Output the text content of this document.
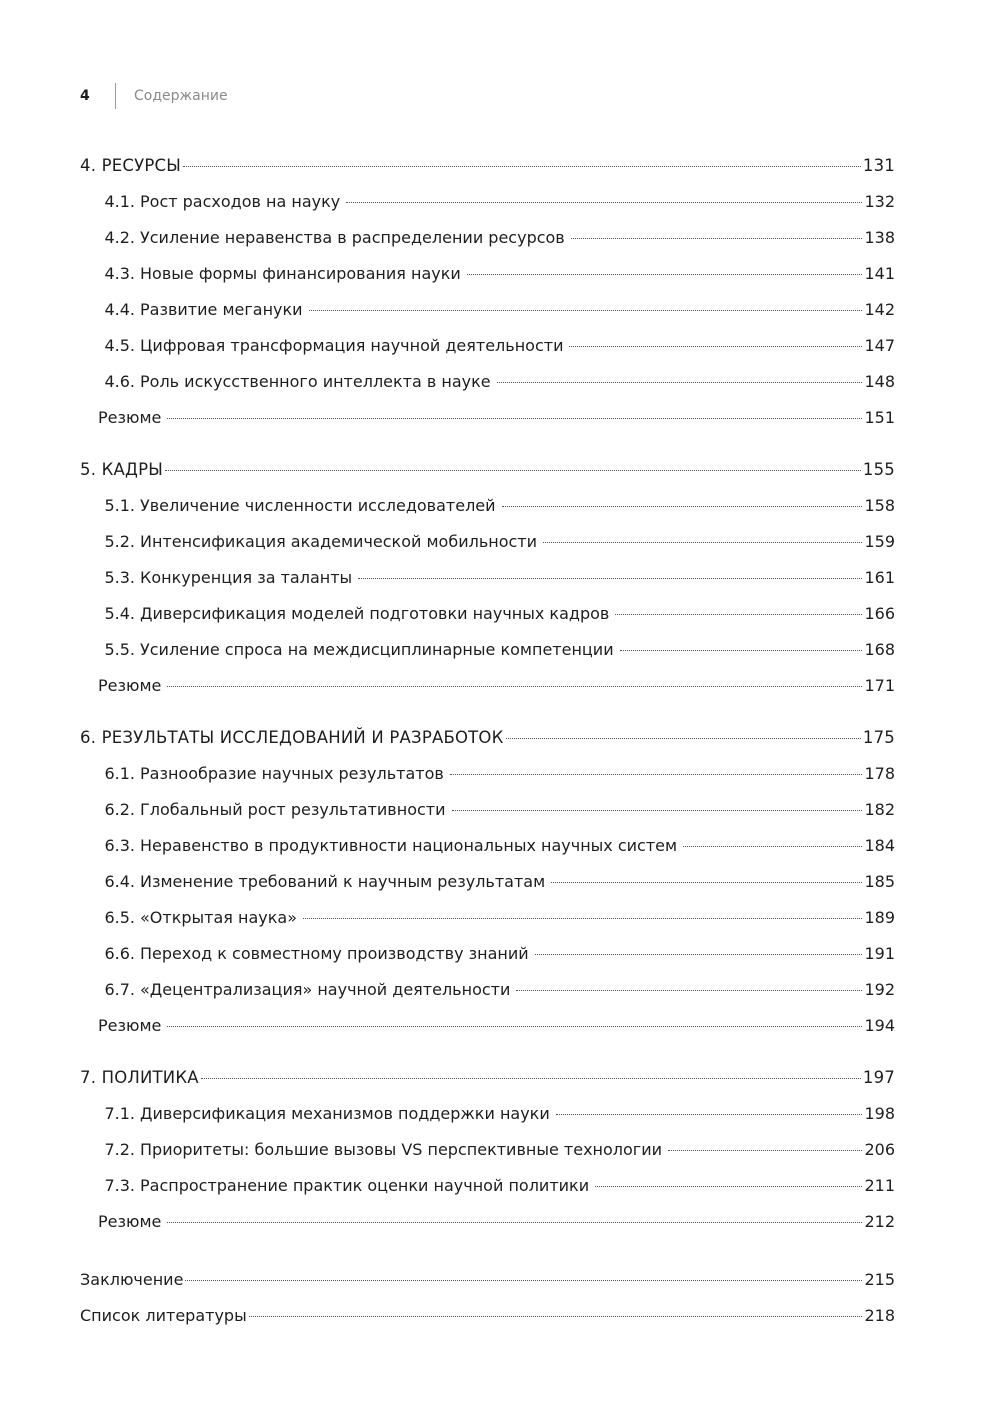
4	Содержание
4. РЕСУРСЫ	131
4.1. Рост расходов на науку	132
4.2. Усиление неравенства в распределении ресурсов	138
4.3. Новые формы финансирования науки	141
4.4. Развитие мегануки	142
4.5. Цифровая трансформация научной деятельности	147
4.6. Роль искусственного интеллекта в науке	148
Резюме	151
5. КАДРЫ	155
5.1. Увеличение численности исследователей	158
5.2. Интенсификация академической мобильности	159
5.3. Конкуренция за таланты	161
5.4. Диверсификация моделей подготовки научных кадров	166
5.5. Усиление спроса на междисциплинарные компетенции	168
Резюме	171
6. РЕЗУЛЬТАТЫ ИССЛЕДОВАНИЙ И РАЗРАБОТОК	175
6.1. Разнообразие научных результатов	178
6.2. Глобальный рост результативности	182
6.3. Неравенство в продуктивности национальных научных систем	184
6.4. Изменение требований к научным результатам	185
6.5. «Открытая наука»	189
6.6. Переход к совместному производству знаний	191
6.7. «Децентрализация» научной деятельности	192
Резюме	194
7. ПОЛИТИКА	197
7.1. Диверсификация механизмов поддержки науки	198
7.2. Приоритеты: большие вызовы VS перспективные технологии	206
7.3. Распространение практик оценки научной политики	211
Резюме	212
Заключение	215
Список литературы	218
